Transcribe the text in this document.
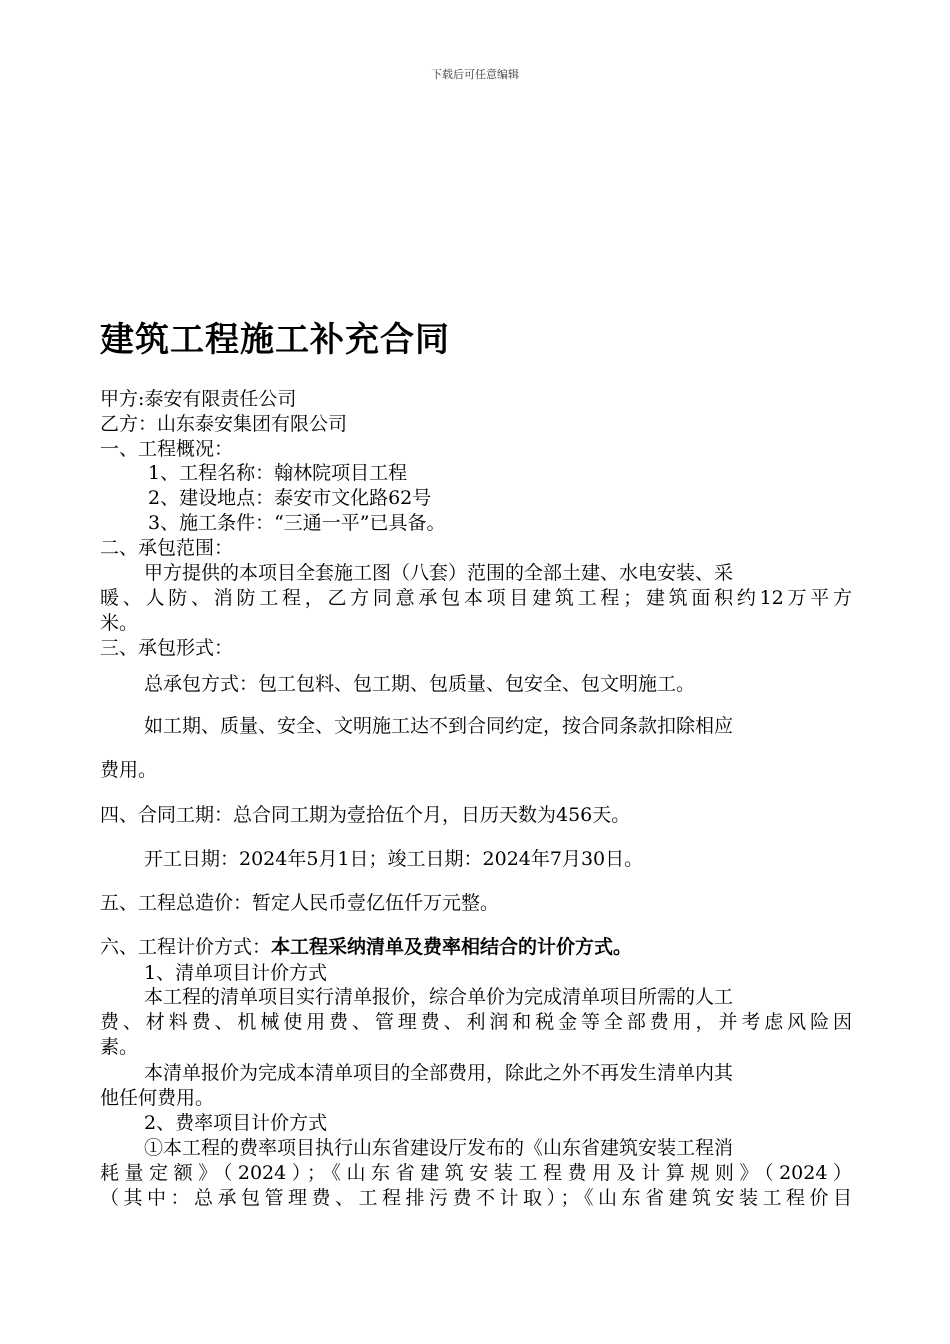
下载后可任意编辑
建筑工程施工补充合同
甲方:泰安有限责任公司
乙方：山东泰安集团有限公司
一、工程概况：
1、工程名称：翰林院项目工程
2、建设地点：泰安市文化路62号
3、施工条件：“三通一平”已具备。
二、承包范围：
甲方提供的本项目全套施工图（八套）范围的全部土建、水电安装、采
暖、人防、消防工程，乙方同意承包本项目建筑工程；建筑面积约12万平方
米。
三、承包形式：
总承包方式：包工包料、包工期、包质量、包安全、包文明施工。
如工期、质量、安全、文明施工达不到合同约定，按合同条款扣除相应
费用。
四、合同工期：总合同工期为壹拾伍个月，日历天数为456天。
开工日期：2024年5月1日；竣工日期：2024年7月30日。
五、工程总造价：暂定人民币壹亿伍仟万元整。
六、工程计价方式：本工程采纳清单及费率相结合的计价方式。
1、清单项目计价方式
本工程的清单项目实行清单报价，综合单价为完成清单项目所需的人工
费、材料费、机械使用费、管理费、利润和税金等全部费用，并考虑风险因
素。
本清单报价为完成本清单项目的全部费用，除此之外不再发生清单内其
他任何费用。
2、费率项目计价方式
①本工程的费率项目执行山东省建设厅发布的《山东省建筑安装工程消
耗量定额》（2024）；《山东省建筑安装工程费用及计算规则》（2024）
（其中：总承包管理费、工程排污费不计取）；《山东省建筑安装工程价目
